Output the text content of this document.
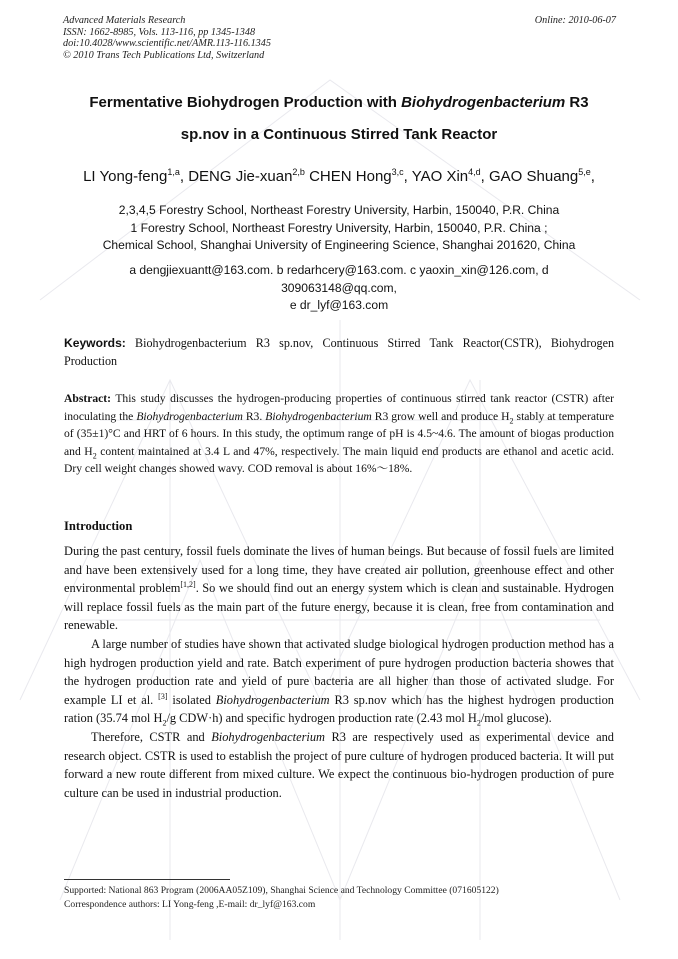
Advanced Materials Research
ISSN: 1662-8985, Vols. 113-116, pp 1345-1348
doi:10.4028/www.scientific.net/AMR.113-116.1345
© 2010 Trans Tech Publications Ltd, Switzerland
Online: 2010-06-07
Fermentative Biohydrogen Production with Biohydrogenbacterium R3
sp.nov in a Continuous Stirred Tank Reactor
LI Yong-feng$^{1,a}$, DENG Jie-xuan$^{2,b}$ CHEN Hong$^{3,c}$, YAO Xin$^{4,d}$, GAO Shuang$^{5,e}$,
2,3,4,5 Forestry School, Northeast Forestry University, Harbin, 150040, P.R. China
1 Forestry School, Northeast Forestry University, Harbin, 150040, P.R. China ;
Chemical School, Shanghai University of Engineering Science, Shanghai 201620, China
a dengjiexuantt@163.com. b redarhcery@163.com. c yaoxin_xin@126.com, d
309063148@qq.com,
e dr_lyf@163.com
Keywords: Biohydrogenbacterium R3 sp.nov, Continuous Stirred Tank Reactor(CSTR), Biohydrogen Production
Abstract: This study discusses the hydrogen-producing properties of continuous stirred tank reactor (CSTR) after inoculating the Biohydrogenbacterium R3. Biohydrogenbacterium R3 grow well and produce $H_2$ stably at temperature of (35±1)°C and HRT of 6 hours. In this study, the optimum range of pH is 4.5~4.6. The amount of biogas production and $H_2$ content maintained at 3.4 L and 47%, respectively. The main liquid end products are ethanol and acetic acid. Dry cell weight changes showed wavy. COD removal is about 16%～18%.
Introduction

During the past century, fossil fuels dominate the lives of human beings. But because of fossil fuels are limited and have been extensively used for a long time, they have created air pollution, greenhouse effect and other environmental problem[1,2]. So we should find out an energy system which is clean and sustainable. Hydrogen will replace fossil fuels as the main part of the future energy, because it is clean, free from contamination and renewable.

A large number of studies have shown that activated sludge biological hydrogen production method has a high hydrogen production yield and rate. Batch experiment of pure hydrogen production bacteria showes that the hydrogen production rate and yield of pure bacteria are all higher than those of activated sludge. For example LI et al. [3] isolated Biohydrogenbacterium R3 sp.nov which has the highest hydrogen production ration (35.74 mol $H_2/g$ CDW·h) and specific hydrogen production rate (2.43 mol $H_2$/mol glucose).

Therefore, CSTR and Biohydrogenbacterium R3 are respectively used as experimental device and research object. CSTR is used to establish the project of pure culture of hydrogen produced bacteria. It will put forward a new route different from mixed culture. We expect the continuous bio-hydrogen production of pure culture can be used in industrial production.

Supported: National 863 Program (2006AA05Z109), Shanghai Science and Technology Committee (071605122)
Correspondence authors: LI Yong-feng ,E-mail: dr_lyf@163.com
